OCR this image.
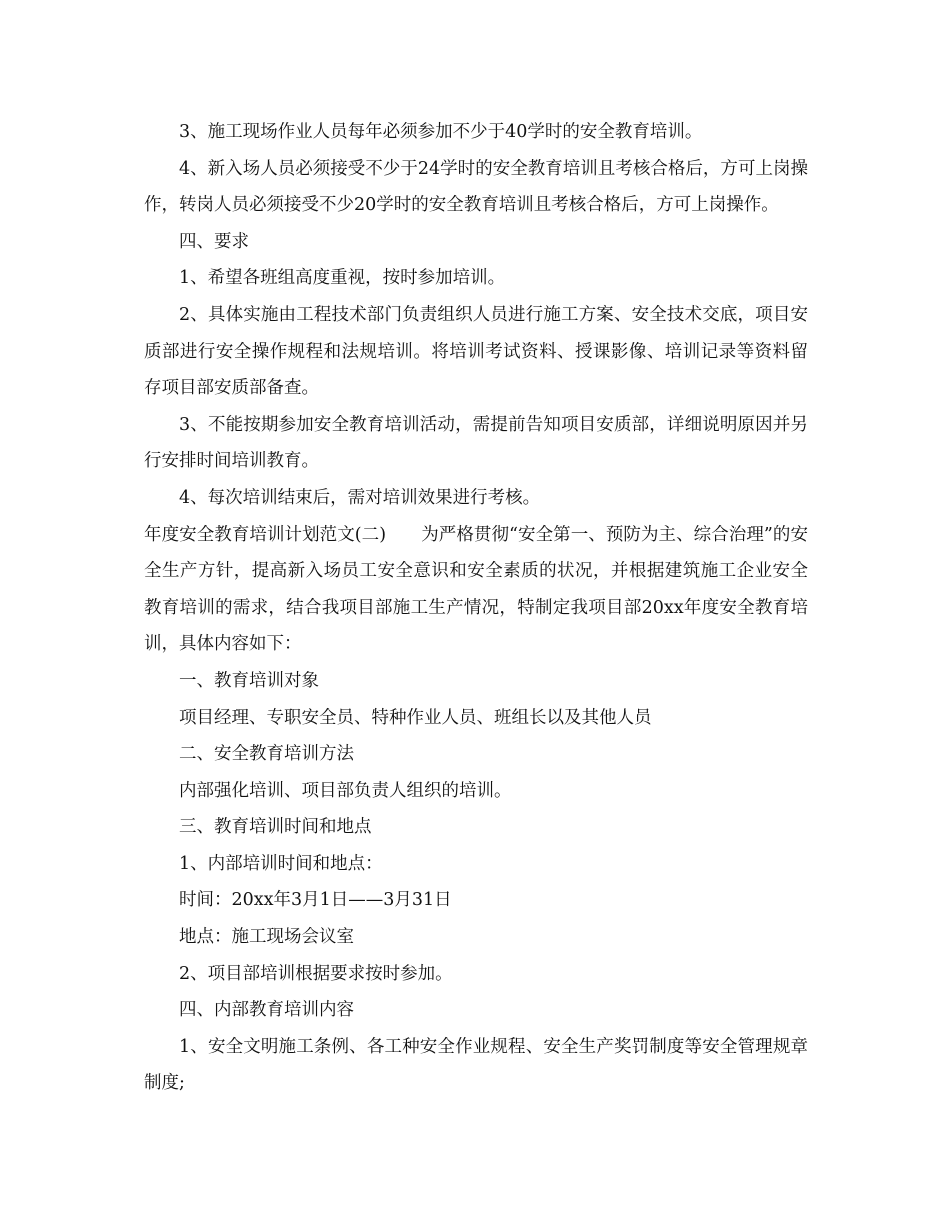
3、施工现场作业人员每年必须参加不少于40学时的安全教育培训。

4、新入场人员必须接受不少于24学时的安全教育培训且考核合格后，方可上岗操作，转岗人员必须接受不少20学时的安全教育培训且考核合格后，方可上岗操作。

四、要求

1、希望各班组高度重视，按时参加培训。

2、具体实施由工程技术部门负责组织人员进行施工方案、安全技术交底，项目安质部进行安全操作规程和法规培训。将培训考试资料、授课影像、培训记录等资料留存项目部安质部备查。

3、不能按期参加安全教育培训活动，需提前告知项目安质部，详细说明原因并另行安排时间培训教育。

4、每次培训结束后，需对培训效果进行考核。

年度安全教育培训计划范文(二)　　为严格贯彻“安全第一、预防为主、综合治理”的安全生产方针，提高新入场员工安全意识和安全素质的状况，并根据建筑施工企业安全教育培训的需求，结合我项目部施工生产情况，特制定我项目部20xx年度安全教育培训，具体内容如下：

一、教育培训对象

项目经理、专职安全员、特种作业人员、班组长以及其他人员

二、安全教育培训方法

内部强化培训、项目部负责人组织的培训。

三、教育培训时间和地点

1、内部培训时间和地点：

时间：20xx年3月1日——3月31日

地点：施工现场会议室

2、项目部培训根据要求按时参加。

四、内部教育培训内容

1、安全文明施工条例、各工种安全作业规程、安全生产奖罚制度等安全管理规章制度;
